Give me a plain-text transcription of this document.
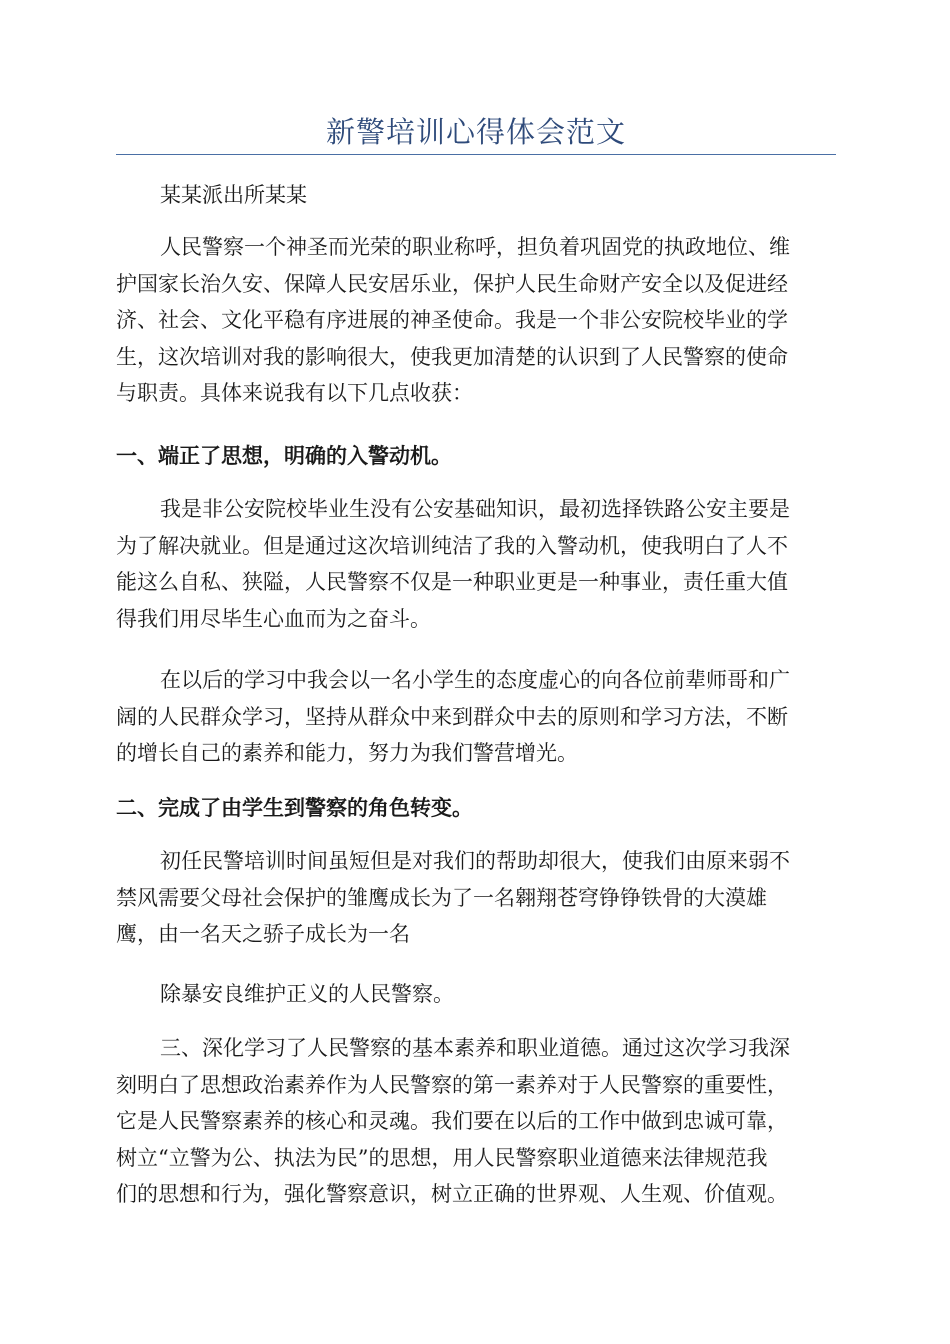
新警培训心得体会范文
某某派出所某某
人民警察一个神圣而光荣的职业称呼，担负着巩固党的执政地位、维
护国家长治久安、保障人民安居乐业，保护人民生命财产安全以及促进经
济、社会、文化平稳有序进展的神圣使命。我是一个非公安院校毕业的学
生，这次培训对我的影响很大，使我更加清楚的认识到了人民警察的使命
与职责。具体来说我有以下几点收获：
一、端正了思想，明确的入警动机。
我是非公安院校毕业生没有公安基础知识，最初选择铁路公安主要是
为了解决就业。但是通过这次培训纯洁了我的入警动机，使我明白了人不
能这么自私、狭隘，人民警察不仅是一种职业更是一种事业，责任重大值
得我们用尽毕生心血而为之奋斗。
在以后的学习中我会以一名小学生的态度虚心的向各位前辈师哥和广
阔的人民群众学习，坚持从群众中来到群众中去的原则和学习方法，不断
的增长自己的素养和能力，努力为我们警营增光。
二、完成了由学生到警察的角色转变。
初任民警培训时间虽短但是对我们的帮助却很大，使我们由原来弱不
禁风需要父母社会保护的雏鹰成长为了一名翱翔苍穹铮铮铁骨的大漠雄
鹰，由一名天之骄子成长为一名
除暴安良维护正义的人民警察。
三、深化学习了人民警察的基本素养和职业道德。通过这次学习我深
刻明白了思想政治素养作为人民警察的第一素养对于人民警察的重要性，
它是人民警察素养的核心和灵魂。我们要在以后的工作中做到忠诚可靠，
树立“立警为公、执法为民”的思想，用人民警察职业道德来法律规范我
们的思想和行为，强化警察意识，树立正确的世界观、人生观、价值观。
